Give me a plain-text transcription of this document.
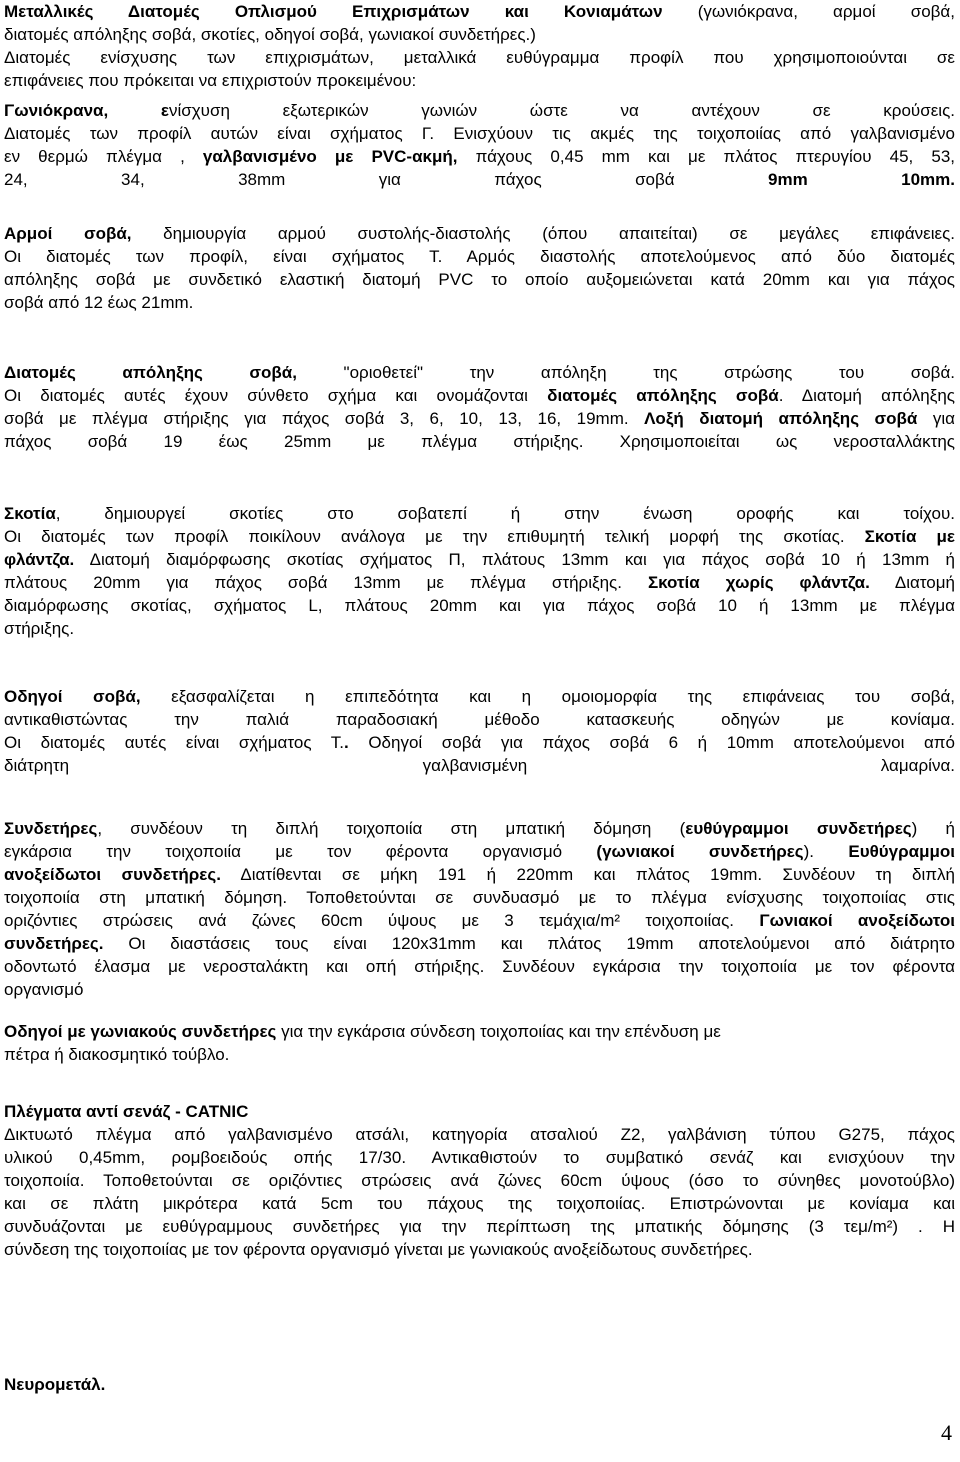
Μεταλλικές Διατομές Οπλισμού Επιχρισμάτων και Κονιαμάτων (γωνιόκρανα, αρμοί σοβά,
διατομές απόληξης σοβά, σκοτίες, οδηγοί σοβά, γωνιακοί συνδετήρες.)
Διατομές ενίσχυσης των επιχρισμάτων, μεταλλικά ευθύγραμμα προφίλ που χρησιμοποιούνται σε
επιφάνειες που πρόκειται να επιχριστούν προκειμένου:
Γωνιόκρανα, ενίσχυση εξωτερικών γωνιών ώστε να αντέχουν σε κρούσεις.
Διατομές των προφίλ αυτών είναι σχήματος Γ. Ενισχύουν τις ακμές της τοιχοποιίας από γαλβανισμένο
εν θερμώ πλέγμα , γαλβανισμένο με PVC-ακμή, πάχους 0,45 mm και με πλάτος πτερυγίου 45, 53,
24, 34, 38mm για πάχος σοβά 9mm 10mm.
Αρμοί σοβά, δημιουργία αρμού συστολής-διαστολής (όπου απαιτείται) σε μεγάλες επιφάνειες.
Οι διατομές των προφίλ, είναι σχήματος Τ. Αρμός διαστολής αποτελούμενος από δύο διατομές
απόληξης σοβά με συνδετικό ελαστική διατομή PVC το οποίο αυξομειώνεται κατά 20mm και για πάχος
σοβά από 12 έως 21mm.
Διατομές απόληξης σοβά, "οριοθετεί" την απόληξη της στρώσης του σοβά.
Οι διατομές αυτές έχουν σύνθετο σχήμα και ονομάζονται διατομές απόληξης σοβά. Διατομή απόληξης
σοβά με πλέγμα στήριξης για πάχος σοβά 3, 6, 10, 13, 16, 19mm. Λοξή διατομή απόληξης σοβά για
πάχος σοβά 19 έως 25mm με πλέγμα στήριξης. Χρησιμοποιείται ως νεροσταλλάκτης
Σκοτία, δημιουργεί σκοτίες στο σοβατεπί ή στην ένωση οροφής και τοίχου.
Οι διατομές των προφίλ ποικίλουν ανάλογα με την επιθυμητή τελική μορφή της σκοτίας. Σκοτία με
φλάντζα. Διατομή διαμόρφωσης σκοτίας σχήματος Π, πλάτους 13mm και για πάχος σοβά 10 ή 13mm ή
πλάτους 20mm για πάχος σοβά 13mm με πλέγμα στήριξης. Σκοτία χωρίς φλάντζα. Διατομή
διαμόρφωσης σκοτίας, σχήματος L, πλάτους 20mm και για πάχος σοβά 10 ή 13mm με πλέγμα
στήριξης.
Οδηγοί σοβά, εξασφαλίζεται η επιπεδότητα και η ομοιομορφία της επιφάνειας του σοβά,
αντικαθιστώντας την παλιά παραδοσιακή μέθοδο κατασκευής οδηγών με κονίαμα.
Οι διατομές αυτές είναι σχήματος Τ.. Οδηγοί σοβά για πάχος σοβά 6 ή 10mm αποτελούμενοι από
διάτρητη γαλβανισμένη λαμαρίνα.
Συνδετήρες, συνδέουν τη διπλή τοιχοποιία στη μπατική δόμηση (ευθύγραμμοι συνδετήρες) ή
εγκάρσια την τοιχοποιία με τον φέρoντα οργανισμό (γωνιακοί συνδετήρες). Ευθύγραμμοι
ανοξείδωτοι συνδετήρες. Διατίθενται σε μήκη 191 ή 220mm και πλάτος 19mm. Συνδέουν τη διπλή
τοιχοποιία στη μπατική δόμηση. Τοποθετούνται σε συνδυασμό με το πλέγμα ενίσχυσης τοιχοποιίας στις
οριζόντιες στρώσεις ανά ζώνες 60cm ύψους με 3 τεμάχια/m² τοιχοποιίας. Γωνιακοί ανοξείδωτοι
συνδετήρες. Οι διαστάσεις τους είναι 120x31mm και πλάτος 19mm αποτελούμενοι από διάτρητο
οδοντωτό έλασμα με νεροσταλάκτη και οπή στήριξης. Συνδέουν εγκάρσια την τοιχοποιία με τον φέροντα
οργανισμό
Οδηγοί με γωνιακούς συνδετήρες για την εγκάρσια σύνδεση τοιχοποιίας και την επένδυση με
πέτρα ή διακοσμητικό τούβλο.
Πλέγματα αντί σενάζ - CATNIC
Δικτυωτό πλέγμα από γαλβανισμένο ατσάλι, κατηγορία ατσαλιού Z2, γαλβάνιση τύπου G275, πάχος
υλικού 0,45mm, ρομβοειδούς οπής 17/30. Αντικαθιστούν το συμβατικό σενάζ και ενισχύουν την
τοιχοποιία. Τοποθετούνται σε οριζόντιες στρώσεις ανά ζώνες 60cm ύψους (όσο το σύνηθες μονοτούβλο)
και σε πλάτη μικρότερα κατά 5cm του πάχους της τοιχοποιίας. Επιστρώνονται με κονίαμα και
συνδυάζονται με ευθύγραμμους συνδετήρες για την περίπτωση της μπατικής δόμησης (3 τεμ/m²) . Η
σύνδεση της τοιχοποιίας με τον φέροντα οργανισμό γίνεται με γωνιακούς ανοξείδωτους συνδετήρες.
Νευρομετάλ.
4
